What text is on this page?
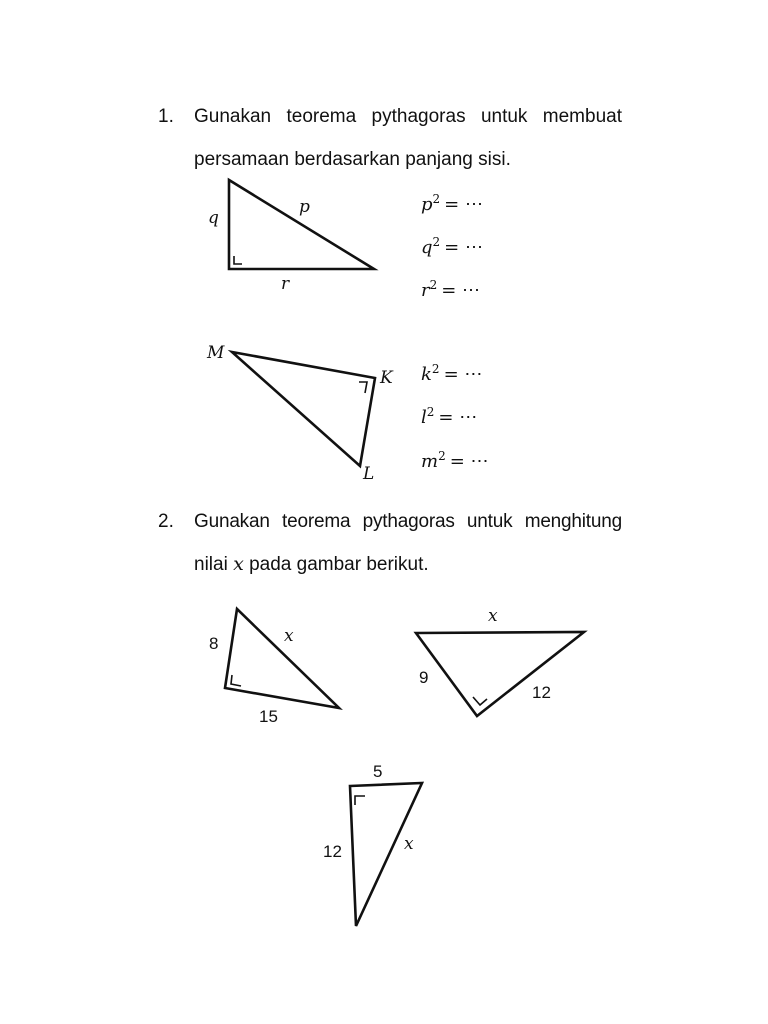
1. Gunakan teorema pythagoras untuk membuat
persamaan berdasarkan panjang sisi.
q
p
r
$p^2$ = ⋯
$q^2$ = ⋯
$r^2$ = ⋯
M
K
L
$k^2$ = ⋯
$l^2$ = ⋯
$m^2$ = ⋯
2. Gunakan teorema pythagoras untuk menghitung
nilai x pada gambar berikut.
8	x
15
x
9
12
5
12	x
